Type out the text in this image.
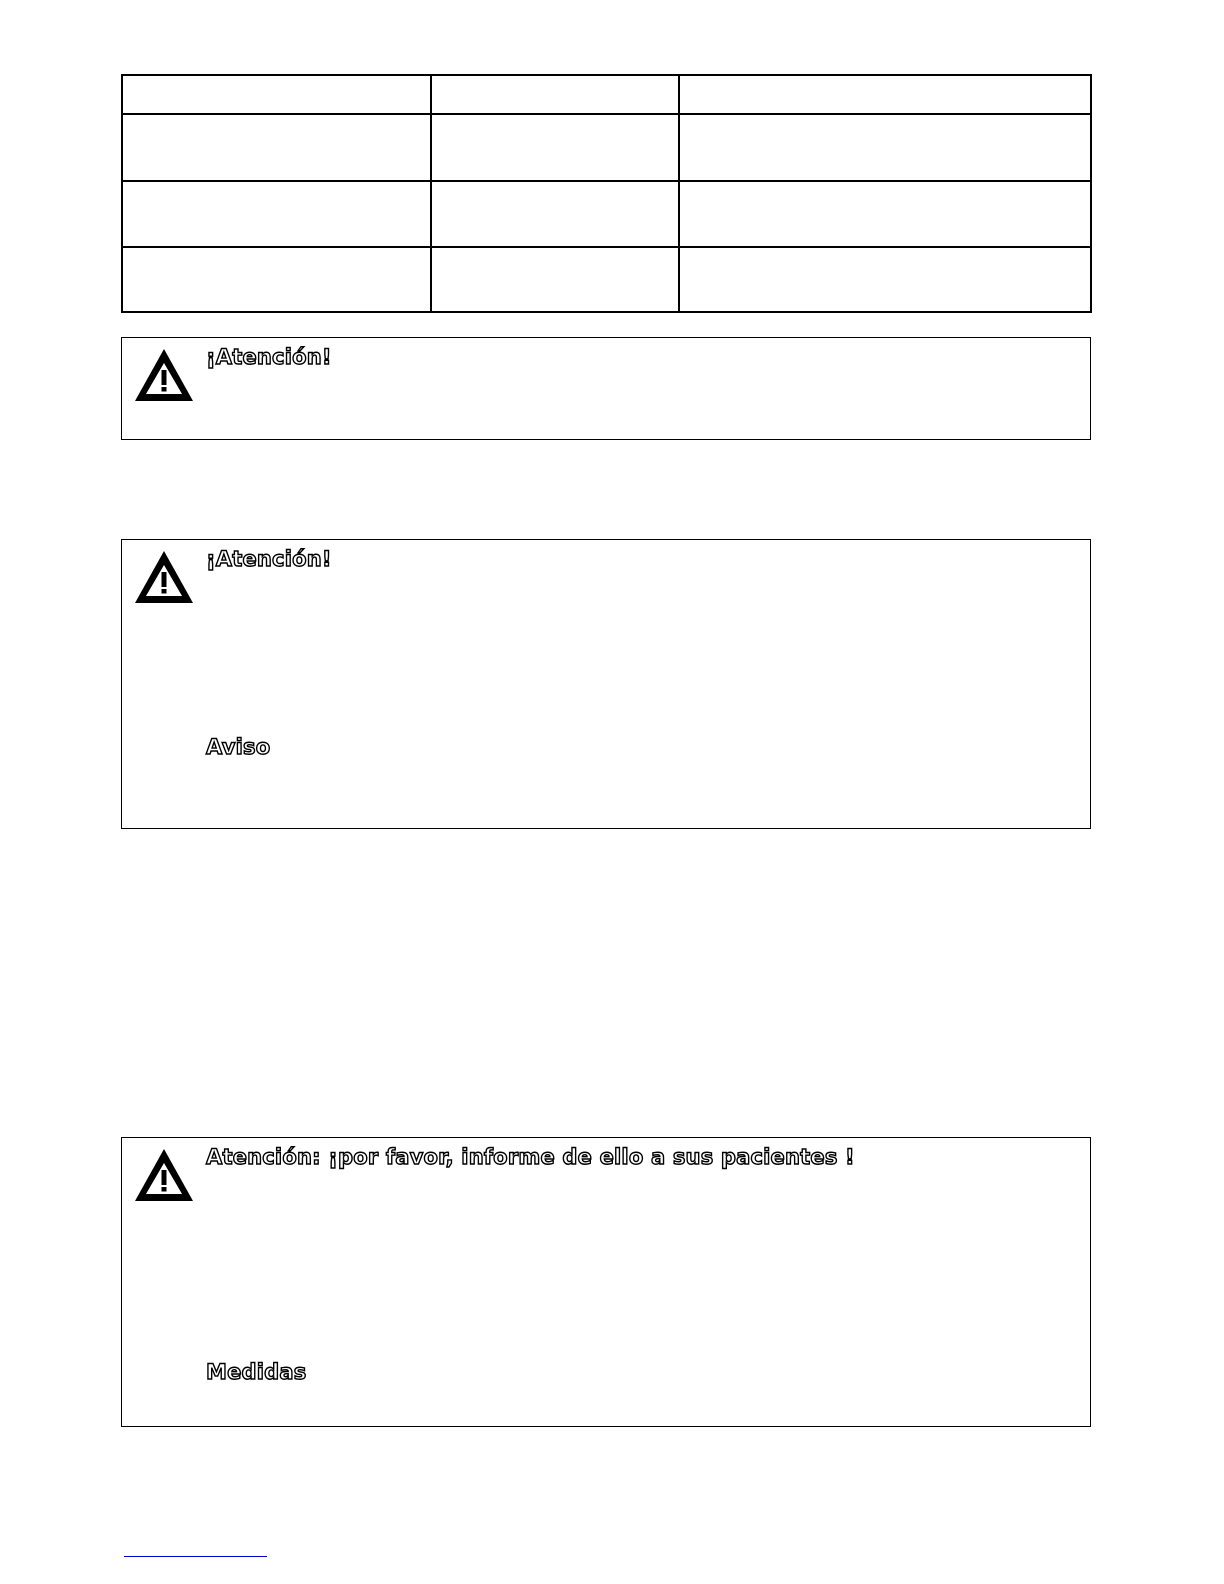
¡Atención!

¡Atención!

Aviso

Atención: ¡por favor, informe de ello a sus pacientes !

Medidas
